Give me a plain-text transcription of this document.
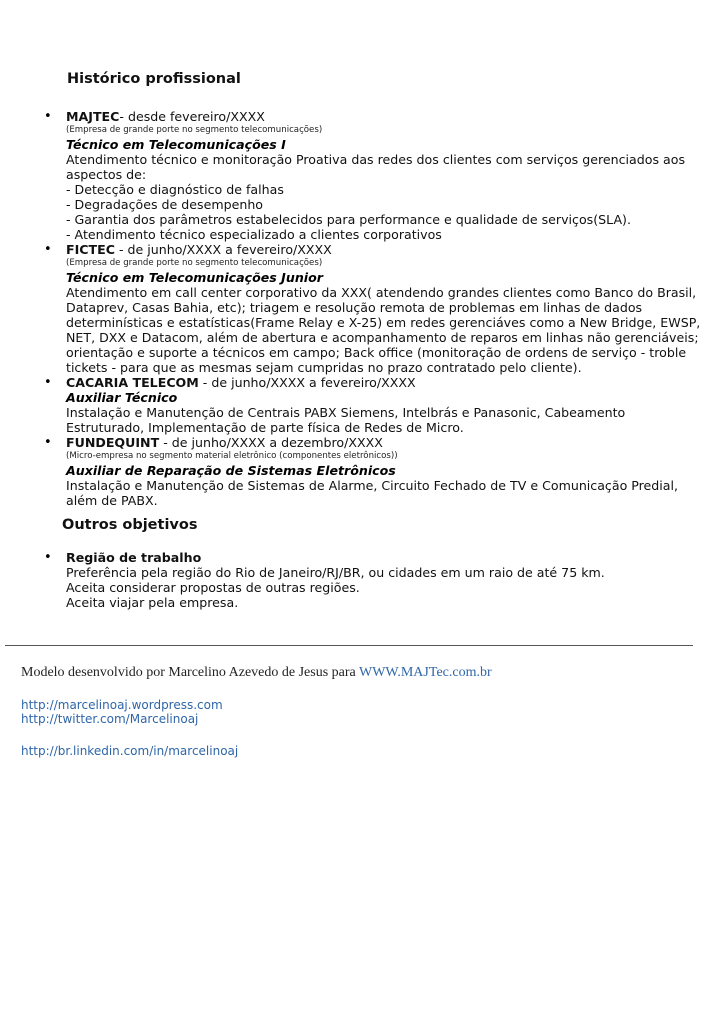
Histórico profissional
• MAJTEC- desde fevereiro/XXXX
(Empresa de grande porte no segmento telecomunicações)
Técnico em Telecomunicações I
Atendimento técnico e monitoração Proativa das redes dos clientes com serviços gerenciados aos
aspectos de:
- Detecção e diagnóstico de falhas
- Degradações de desempenho
- Garantia dos parâmetros estabelecidos para performance e qualidade de serviços(SLA).
- Atendimento técnico especializado a clientes corporativos
• FICTEC - de junho/XXXX a fevereiro/XXXX
(Empresa de grande porte no segmento telecomunicações)
Técnico em Telecomunicações Junior
Atendimento em call center corporativo da XXX( atendendo grandes clientes como Banco do Brasil,
Dataprev, Casas Bahia, etc); triagem e resolução remota de problemas em linhas de dados
determinísticas e estatísticas(Frame Relay e X-25) em redes gerenciáves como a New Bridge, EWSP,
NET, DXX e Datacom, além de abertura e acompanhamento de reparos em linhas não gerenciáveis;
orientação e suporte a técnicos em campo; Back office (monitoração de ordens de serviço - troble
tickets - para que as mesmas sejam cumpridas no prazo contratado pelo cliente).
• CACARIA TELECOM - de junho/XXXX a fevereiro/XXXX
Auxiliar Técnico
Instalação e Manutenção de Centrais PABX Siemens, Intelbrás e Panasonic, Cabeamento
Estruturado, Implementação de parte física de Redes de Micro.
• FUNDEQUINT - de junho/XXXX a dezembro/XXXX
(Micro-empresa no segmento material eletrônico (componentes eletrônicos))
Auxiliar de Reparação de Sistemas Eletrônicos
Instalação e Manutenção de Sistemas de Alarme, Circuito Fechado de TV e Comunicação Predial,
além de PABX.
Outros objetivos
• Região de trabalho
Preferência pela região do Rio de Janeiro/RJ/BR, ou cidades em um raio de até 75 km.
Aceita considerar propostas de outras regiões.
Aceita viajar pela empresa.
Modelo desenvolvido por Marcelino Azevedo de Jesus para WWW.MAJTec.com.br
http://marcelinoaj.wordpress.com
http://twitter.com/Marcelinoaj
http://br.linkedin.com/in/marcelinoaj
